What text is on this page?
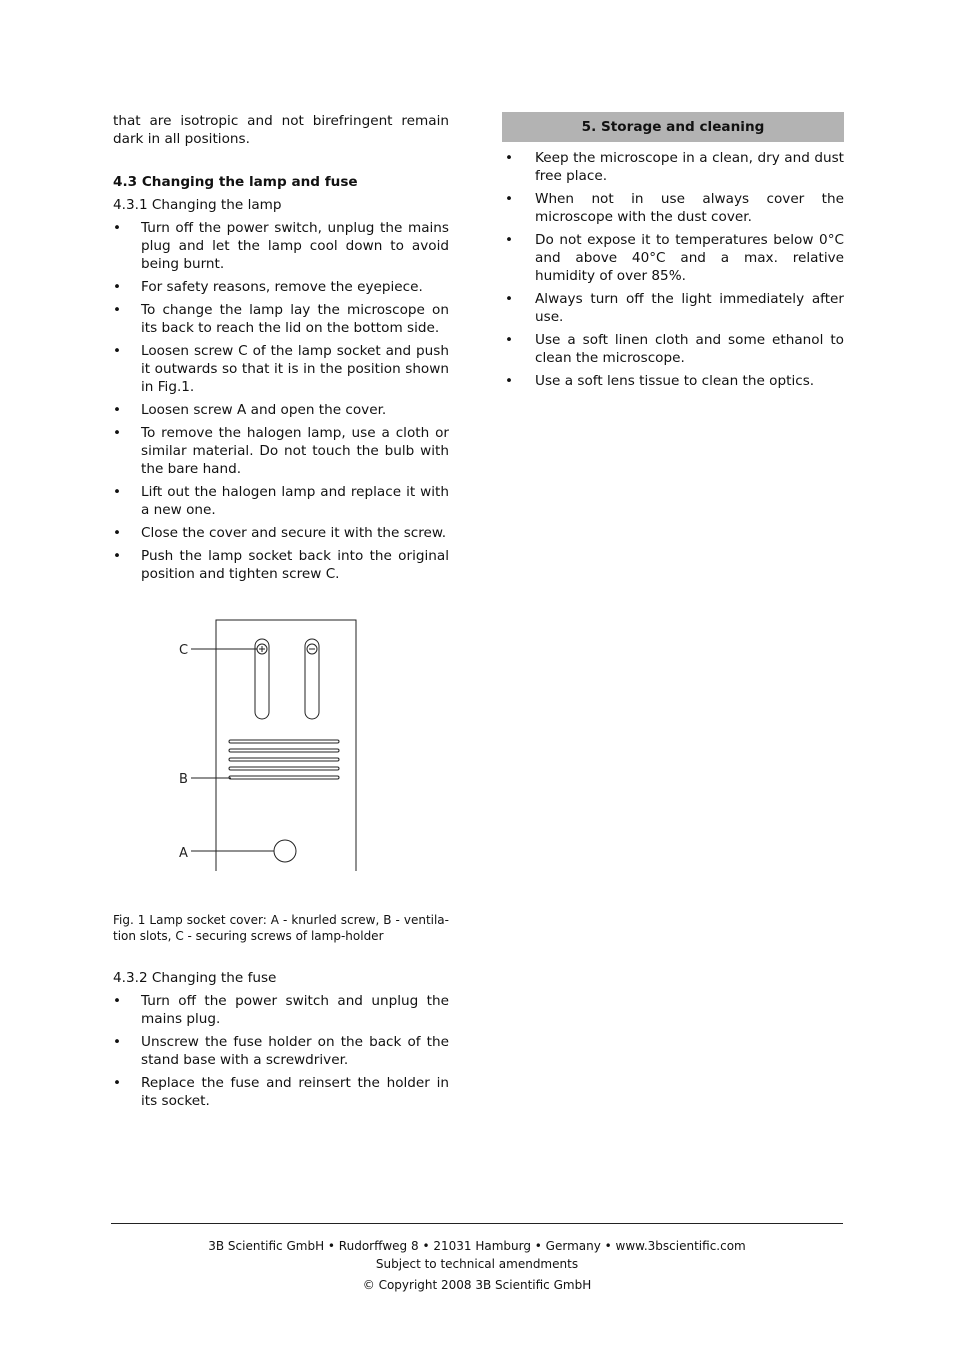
that are isotropic and not birefringent remain dark in all positions.

4.3 Changing the lamp and fuse
4.3.1 Changing the lamp
• Turn off the power switch, unplug the mains plug and let the lamp cool down to avoid being burnt.
• For safety reasons, remove the eyepiece.
• To change the lamp lay the microscope on its back to reach the lid on the bottom side.
• Loosen screw C of the lamp socket and push it outwards so that it is in the position shown in Fig.1.
• Loosen screw A and open the cover.
• To remove the halogen lamp, use a cloth or similar material. Do not touch the bulb with the bare hand.
• Lift out the halogen lamp and replace it with a new one.
• Close the cover and secure it with the screw.
• Push the lamp socket back into the original position and tighten screw C.
C
B
A

Fig. 1 Lamp socket cover: A - knurled screw, B - ventila-tion slots, C - securing screws of lamp-holder

4.3.2 Changing the fuse
• Turn off the power switch and unplug the mains plug.
• Unscrew the fuse holder on the back of the stand base with a screwdriver.
• Replace the fuse and reinsert the holder in its socket.
5. Storage and cleaning
• Keep the microscope in a clean, dry and dust free place.
• When not in use always cover the microscope with the dust cover.
• Do not expose it to temperatures below 0°C and above 40°C and a max. relative humidity of over 85%.
• Always turn off the light immediately after use.
• Use a soft linen cloth and some ethanol to clean the microscope.
• Use a soft lens tissue to clean the optics.
3B Scientific GmbH • Rudorffweg 8 • 21031 Hamburg • Germany • www.3bscientific.com
Subject to technical amendments
© Copyright 2008 3B Scientific GmbH
